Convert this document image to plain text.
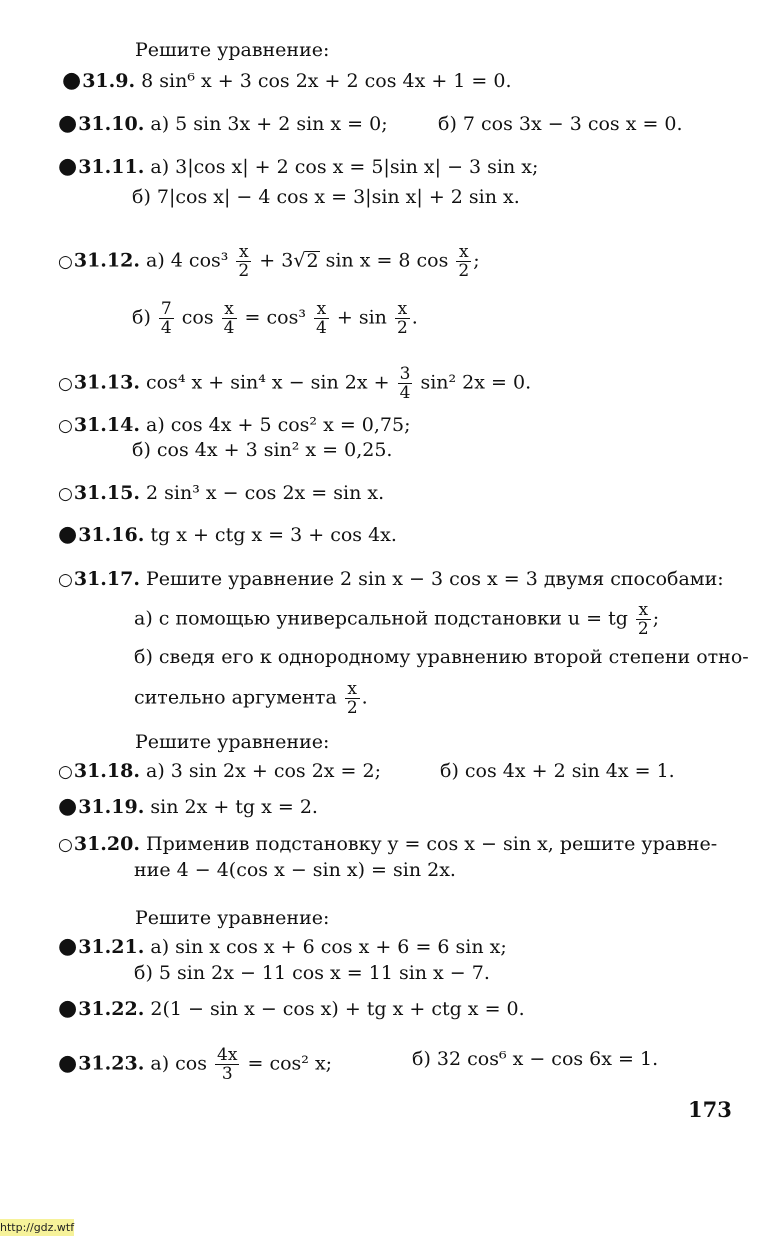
Решите уравнение:
Решите уравнение:
Решите уравнение:
●31.9. 8 sin⁶ x + 3 cos 2x + 2 cos 4x + 1 = 0.
●31.10. а) 5 sin 3x + 2 sin x = 0;	б) 7 cos 3x − 3 cos x = 0.
●31.11. а) 3|cos x| + 2 cos x = 5|sin x| − 3 sin x;
б) 7|cos x| − 4 cos x = 3|sin x| + 2 sin x.
○31.12. а) 4 $\cos^3 \frac{x}{2} + 3√2$ sin x = 8 $\cos \frac{x}{2}$ ;
$б) \frac{7}{4}$ $\cos \frac{x}{4} = \cos^3 \frac{x}{4} + \sin \frac{x}{2}$ .
○31.13. cos⁴ x + sin⁴ $x - \sin 2x + \frac{3}{4} \sin^2$ 2x = 0.
○31.14. а) cos 4x + 5 cos² x = 0,75;
б) cos 4x + 3 sin² x = 0,25.
○31.15. 2 sin³ x − cos 2x = sin x.
●31.16. tg x + ctg x = 3 + cos 4x.
○31.17. Решите уравнение 2 sin x − 3 cos x = 3 двумя способами:
а) с помощью универсальной подстановки u = tg $\frac{x}{2}$ ;
б) сведя его к однородному уравнению второй степени отно-
сительно аргумента $\frac{x}{2}$ .
○31.18. а) 3 sin 2x + cos 2x = 2;	б) cos 4x + 2 sin 4x = 1.
●31.19. sin 2x + tg x = 2.
○31.20. Применив подстановку y = cos x − sin x, решите уравне-
ние 4 − 4(cos x − sin x) = sin 2x.
●31.21. а) sin x cos x + 6 cos x + 6 = 6 sin x;
б) 5 sin 2x − 11 cos x = 11 sin x − 7.
●31.22. 2(1 − sin x − cos x) + tg x + ctg x = 0.
●31.23. а) $\cos \frac{4x}{3} = \cos^2$ x;	б) 32 cos⁶ x − cos 6x = 1.
173
http://gdz.wtf
